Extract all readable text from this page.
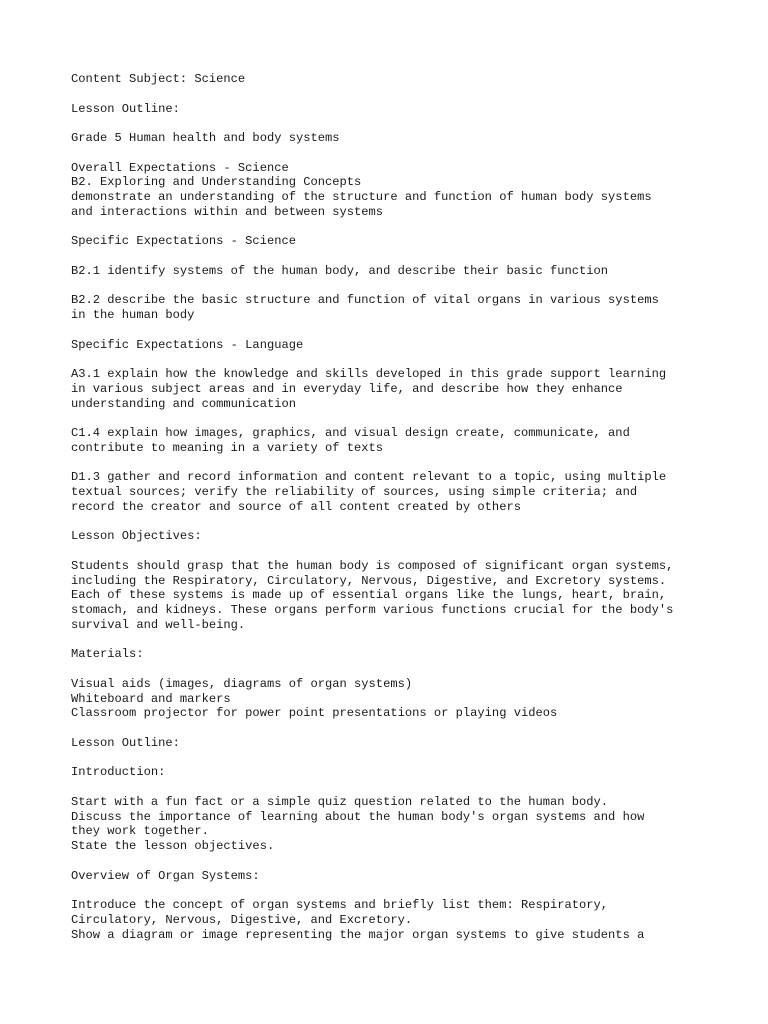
Content Subject: Science
Lesson Outline:
Grade 5 Human health and body systems
Overall Expectations - Science
B2. Exploring and Understanding Concepts
demonstrate an understanding of the structure and function of human body systems
and interactions within and between systems
Specific Expectations - Science
B2.1 identify systems of the human body, and describe their basic function
B2.2 describe the basic structure and function of vital organs in various systems
in the human body
Specific Expectations - Language
A3.1 explain how the knowledge and skills developed in this grade support learning
in various subject areas and in everyday life, and describe how they enhance
understanding and communication
C1.4 explain how images, graphics, and visual design create, communicate, and
contribute to meaning in a variety of texts
D1.3 gather and record information and content relevant to a topic, using multiple
textual sources; verify the reliability of sources, using simple criteria; and
record the creator and source of all content created by others
Lesson Objectives:
Students should grasp that the human body is composed of significant organ systems,
including the Respiratory, Circulatory, Nervous, Digestive, and Excretory systems.
Each of these systems is made up of essential organs like the lungs, heart, brain,
stomach, and kidneys. These organs perform various functions crucial for the body's
survival and well-being.
Materials:
Visual aids (images, diagrams of organ systems)
Whiteboard and markers
Classroom projector for power point presentations or playing videos
Lesson Outline:
Introduction:
Start with a fun fact or a simple quiz question related to the human body.
Discuss the importance of learning about the human body's organ systems and how
they work together.
State the lesson objectives.
Overview of Organ Systems:
Introduce the concept of organ systems and briefly list them: Respiratory,
Circulatory, Nervous, Digestive, and Excretory.
Show a diagram or image representing the major organ systems to give students a
